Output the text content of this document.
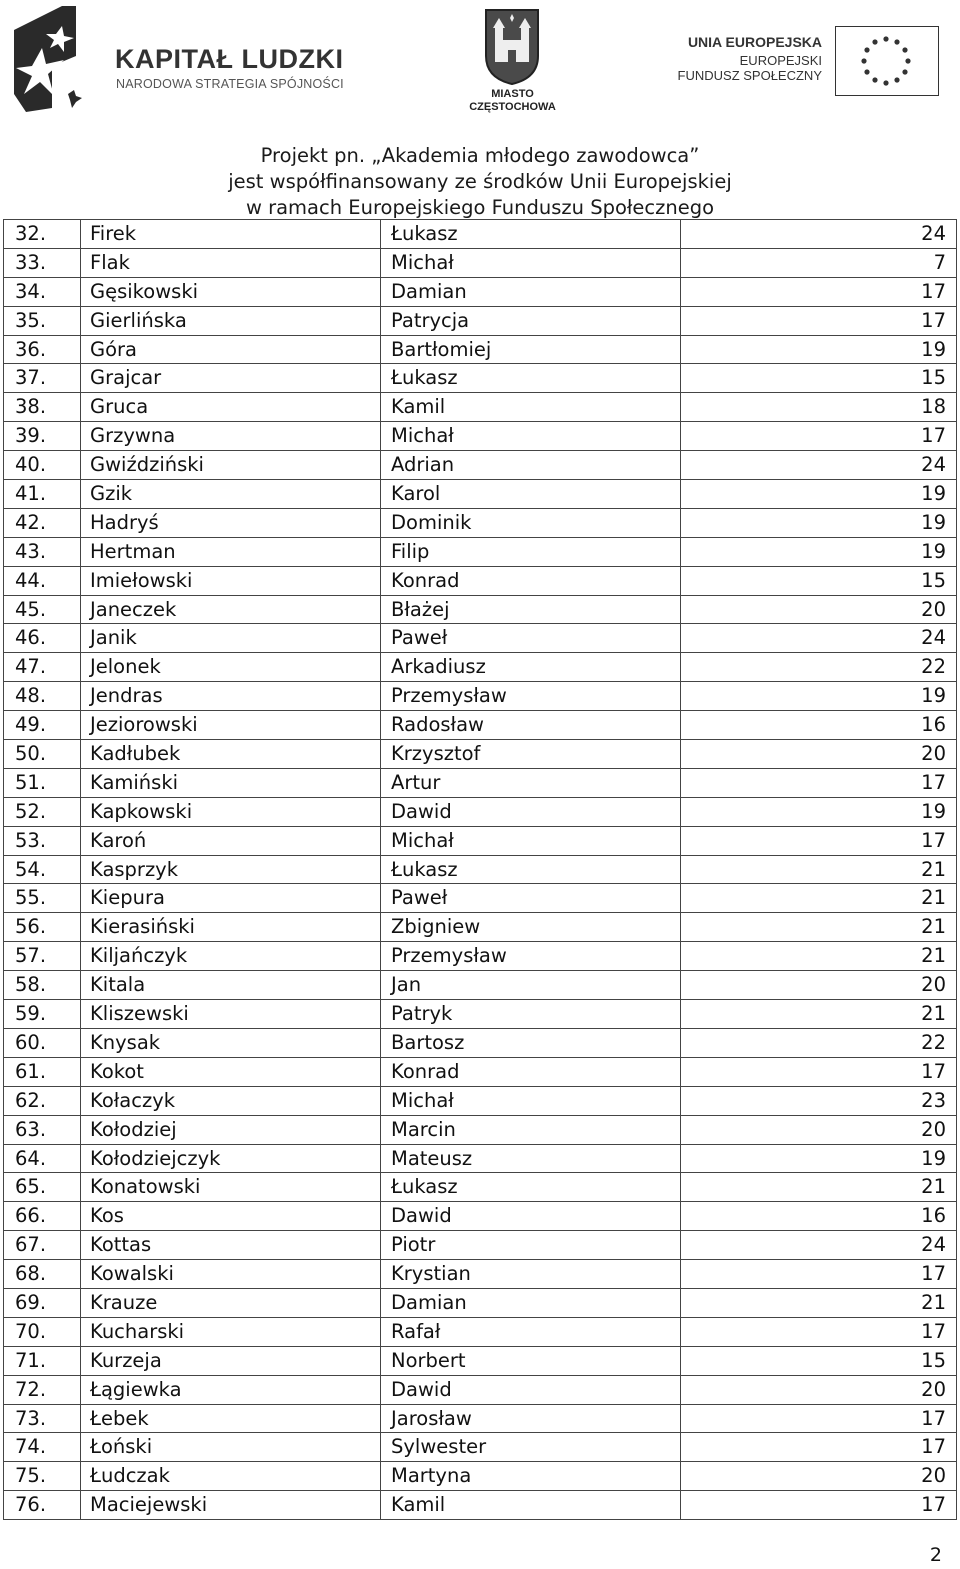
KAPITAŁ LUDZKI
NARODOWA STRATEGIA SPÓJNOŚCI
MIASTO
CZĘSTOCHOWA
UNIA EUROPEJSKA
EUROPEJSKI
FUNDUSZ SPOŁECZNY
Projekt pn. „Akademia młodego zawodowca”
jest współfinansowany ze środków Unii Europejskiej
w ramach Europejskiego Funduszu Społecznego
32.	Firek	Łukasz	24
33.	Flak	Michał	7
34.	Gęsikowski	Damian	17
35.	Gierlińska	Patrycja	17
36.	Góra	Bartłomiej	19
37.	Grajcar	Łukasz	15
38.	Gruca	Kamil	18
39.	Grzywna	Michał	17
40.	Gwiździński	Adrian	24
41.	Gzik	Karol	19
42.	Hadryś	Dominik	19
43.	Hertman	Filip	19
44.	Imiełowski	Konrad	15
45.	Janeczek	Błażej	20
46.	Janik	Paweł	24
47.	Jelonek	Arkadiusz	22
48.	Jendras	Przemysław	19
49.	Jeziorowski	Radosław	16
50.	Kadłubek	Krzysztof	20
51.	Kamiński	Artur	17
52.	Kapkowski	Dawid	19
53.	Karoń	Michał	17
54.	Kasprzyk	Łukasz	21
55.	Kiepura	Paweł	21
56.	Kierasiński	Zbigniew	21
57.	Kiljańczyk	Przemysław	21
58.	Kitala	Jan	20
59.	Kliszewski	Patryk	21
60.	Knysak	Bartosz	22
61.	Kokot	Konrad	17
62.	Kołaczyk	Michał	23
63.	Kołodziej	Marcin	20
64.	Kołodziejczyk	Mateusz	19
65.	Konatowski	Łukasz	21
66.	Kos	Dawid	16
67.	Kottas	Piotr	24
68.	Kowalski	Krystian	17
69.	Krauze	Damian	21
70.	Kucharski	Rafał	17
71.	Kurzeja	Norbert	15
72.	Łągiewka	Dawid	20
73.	Łebek	Jarosław	17
74.	Łoński	Sylwester	17
75.	Łudczak	Martyna	20
76.	Maciejewski	Kamil	17
2
